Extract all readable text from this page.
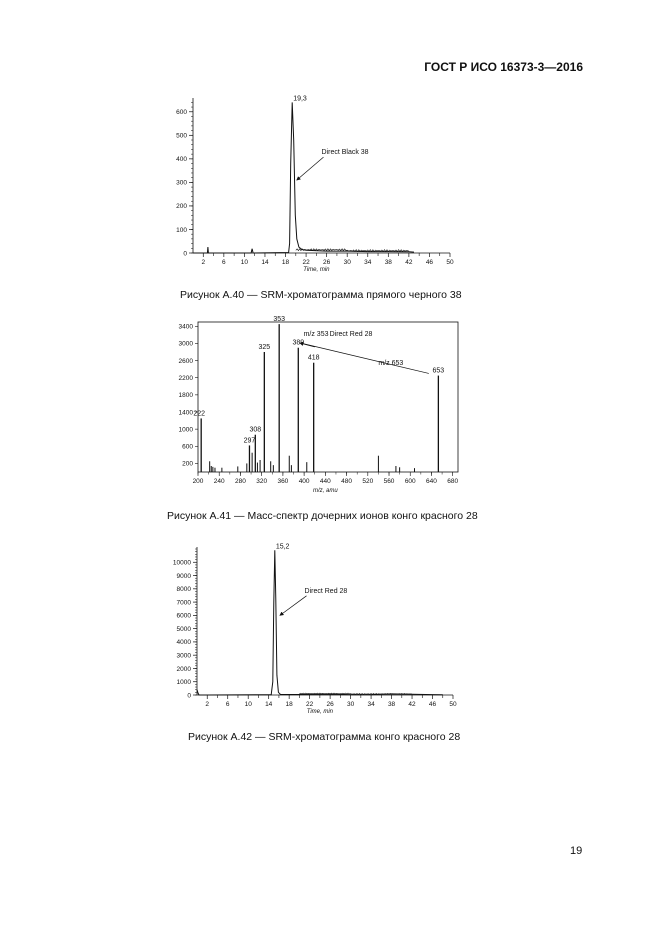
ГОСТ Р ИСО 16373-3—2016
0
100
200
300
400
500
600
2	6 10 14 18 22 26 30 34 38 42 46 50
Time, min
19,3
Direct Black 38
Рисунок А.40 — SRM-хроматограмма прямого черного 38
200
600
1000
1400
1800
2200
2600
3000
3400
200 240 280 320 360 400 440 480 520 560 600 640 680
m/z, amu
222
297
308
325
353
389
418
653
m/z 353 Direct Red 28
m/z 653
Рисунок А.41 — Масс-спектр дочерних ионов конго красного 28
0
1000
2000
3000
4000
5000
6000
7000
8000
9000
10000
2	6 10 14 18 22 26 30 34 38 42 46 50
Time, min
15,2
Direct Red 28
Рисунок А.42 — SRM-хроматограмма конго красного 28
19
